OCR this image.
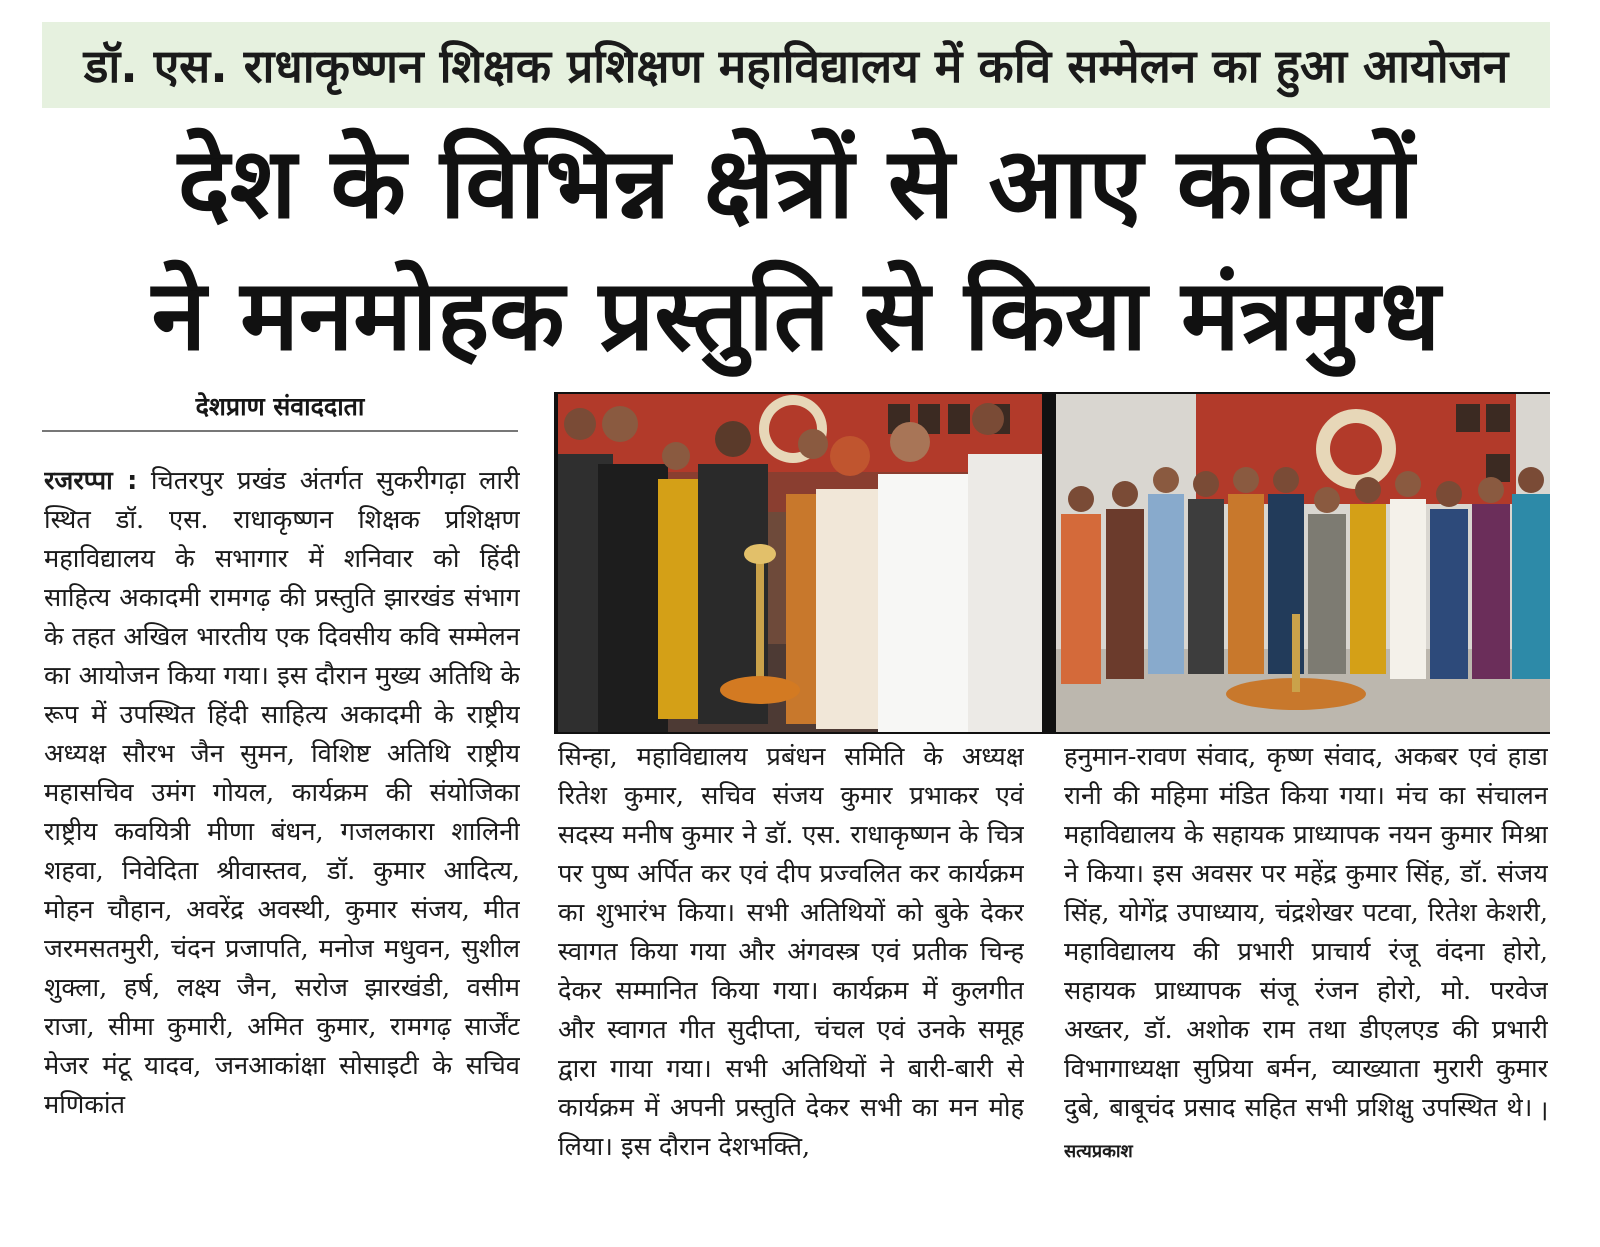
डॉ. एस. राधाकृष्णन शिक्षक प्रशिक्षण महाविद्यालय में कवि सम्मेलन का हुआ आयोजन
देश के विभिन्न क्षेत्रों से आए कवियों
ने मनमोहक प्रस्तुति से किया मंत्रमुग्ध
देशप्राण संवाददाता

रजरप्पा : चितरपुर प्रखंड अंतर्गत सुकरीगढ़ा लारी स्थित डॉ. एस. राधाकृष्णन शिक्षक प्रशिक्षण महाविद्यालय के सभागार में शनिवार को हिंदी साहित्य अकादमी रामगढ़ की प्रस्तुति झारखंड संभाग के तहत अखिल भारतीय एक दिवसीय कवि सम्मेलन का आयोजन किया गया। इस दौरान मुख्य अतिथि के रूप में उपस्थित हिंदी साहित्य अकादमी के राष्ट्रीय अध्यक्ष सौरभ जैन सुमन, विशिष्ट अतिथि राष्ट्रीय महासचिव उमंग गोयल, कार्यक्रम की संयोजिका राष्ट्रीय कवयित्री मीणा बंधन, गजलकारा शालिनी शहवा, निवेदिता श्रीवास्तव, डॉ. कुमार आदित्य, मोहन चौहान, अवरेंद्र अवस्थी, कुमार संजय, मीत जरमसतमुरी, चंदन प्रजापति, मनोज मधुवन, सुशील शुक्ला, हर्ष, लक्ष्य जैन, सरोज झारखंडी, वसीम राजा, सीमा कुमारी, अमित कुमार, रामगढ़ सार्जेंट मेजर मंटू यादव, जनआकांक्षा सोसाइटी के सचिव मणिकांत

सिन्हा, महाविद्यालय प्रबंधन समिति के अध्यक्ष रितेश कुमार, सचिव संजय कुमार प्रभाकर एवं सदस्य मनीष कुमार ने डॉ. एस. राधाकृष्णन के चित्र पर पुष्प अर्पित कर एवं दीप प्रज्वलित कर कार्यक्रम का शुभारंभ किया। सभी अतिथियों को बुके देकर स्वागत किया गया और अंगवस्त्र एवं प्रतीक चिन्ह देकर सम्मानित किया गया। कार्यक्रम में कुलगीत और स्वागत गीत सुदीप्ता, चंचल एवं उनके समूह द्वारा गाया गया। सभी अतिथियों ने बारी-बारी से कार्यक्रम में अपनी प्रस्तुति देकर सभी का मन मोह लिया। इस दौरान देशभक्ति,

हनुमान-रावण संवाद, कृष्ण संवाद, अकबर एवं हाडा रानी की महिमा मंडित किया गया। मंच का संचालन महाविद्यालय के सहायक प्राध्यापक नयन कुमार मिश्रा ने किया। इस अवसर पर महेंद्र कुमार सिंह, डॉ. संजय सिंह, योगेंद्र उपाध्याय, चंद्रशेखर पटवा, रितेश केशरी, महाविद्यालय की प्रभारी प्राचार्य रंजू वंदना होरो, सहायक प्राध्यापक संजू रंजन होरो, मो. परवेज अख्तर, डॉ. अशोक राम तथा डीएलएड की प्रभारी विभागाध्यक्षा सुप्रिया बर्मन, व्याख्याता मुरारी कुमार दुबे, बाबूचंद प्रसाद सहित सभी प्रशिक्षु उपस्थित थे। |सत्यप्रकाश
